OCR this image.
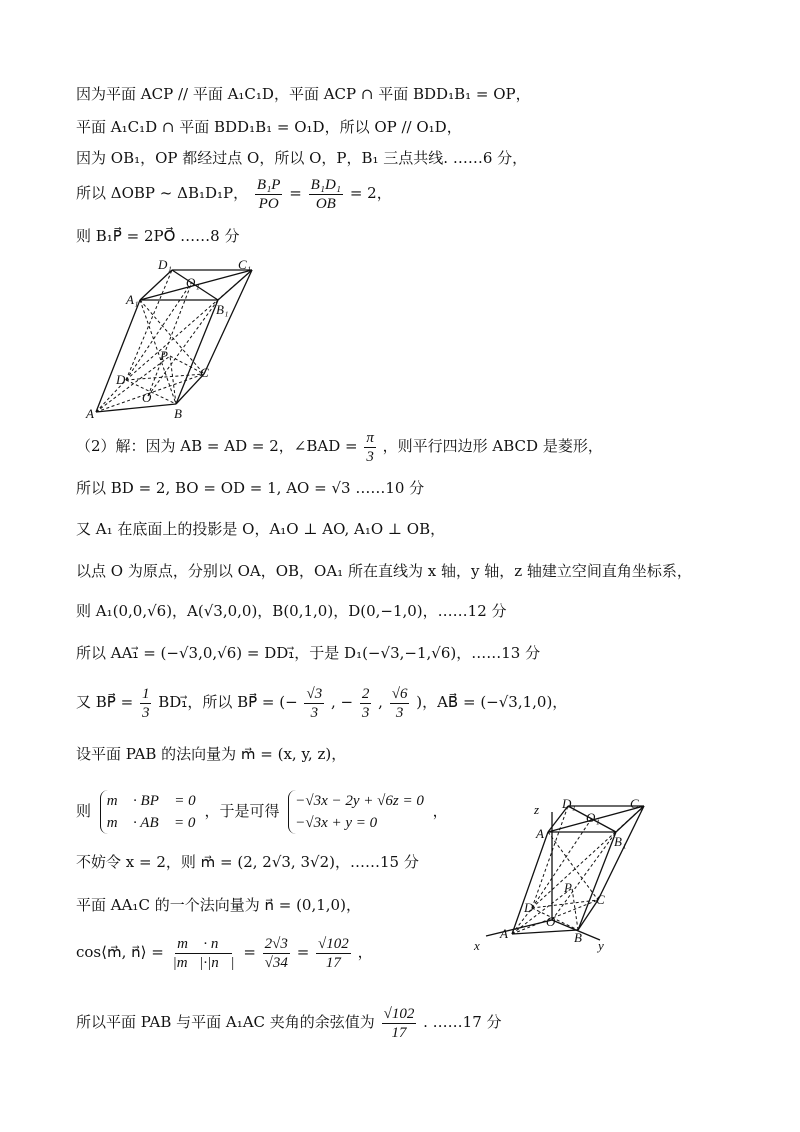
因为平面 ACP // 平面 A₁C₁D，平面 ACP ∩ 平面 BDD₁B₁ = OP，
平面 A₁C₁D ∩ 平面 BDD₁B₁ = O₁D，所以 OP // O₁D，
因为 OB₁，OP 都经过点 O，所以 O，P，B₁ 三点共线. ……6 分，
所以 ΔOBP ~ ΔB₁D₁P， $\frac{\text{B₁P}}{PO} = \frac{\text{B₁D₁}}{OB} = 2$，
则 B₁P⃗ = 2PO⃗ ……8 分
D₁	C₁
O₁
A₁
B₁
P
C
D
O
A	B
（2）解：因为 AB = AD = 2，∠BAD = $\frac{\pi}{3}$ ，则平行四边形 ABCD 是菱形，
所以 BD = 2, BO = OD = 1, AO = √3 ……10 分
又 A₁ 在底面上的投影是 O，A₁O ⊥ AO, A₁O ⊥ OB，
以点 O 为原点，分别以 OA，OB，OA₁ 所在直线为 x 轴，y 轴，z 轴建立空间直角坐标系，
则 A₁(0,0,√6)，A(√3,0,0)，B(0,1,0)，D(0,−1,0)，……12 分
所以 AA₁⃗ = (−√3,0,√6) = DD₁⃗，于是 D₁(−√3,−1,√6)，……13 分
又 BP⃗ = $\frac{1}{3}$ BD₁⃗，所以 BP⃗ = (− $\frac{√3}{3}$ , − $\frac{2}{3}$ , $\frac{√6}{3}$ )，AB⃗ = (−√3,1,0)，
设平面 PAB 的法向量为 m⃗ = (x, y, z)，
则
m⃗ · BP⃗ = 0
m⃗ · AB⃗ = 0
，于是可得
−√3x − 2y + √6z = 0
−√3x + y = 0
，
不妨令 x = 2，则 m⃗ = (2, 2√3, 3√2)，……15 分
平面 AA₁C 的一个法向量为 n⃗ = (0,1,0)，
cos⟨m⃗, n⃗⟩ = $\frac{m⃗ \cdot n⃗}{|m⃗|\cdot|n⃗|} = \frac{2√3}{√34} = \frac{√102}{17}$ ，
所以平面 PAB 与平面 A₁AC 夹角的余弦值为 $\frac{√102}{17}$ . ……17 分
z D₁	C₁
O₁
A
B₁
P
C
D
O
A	B
x	y
